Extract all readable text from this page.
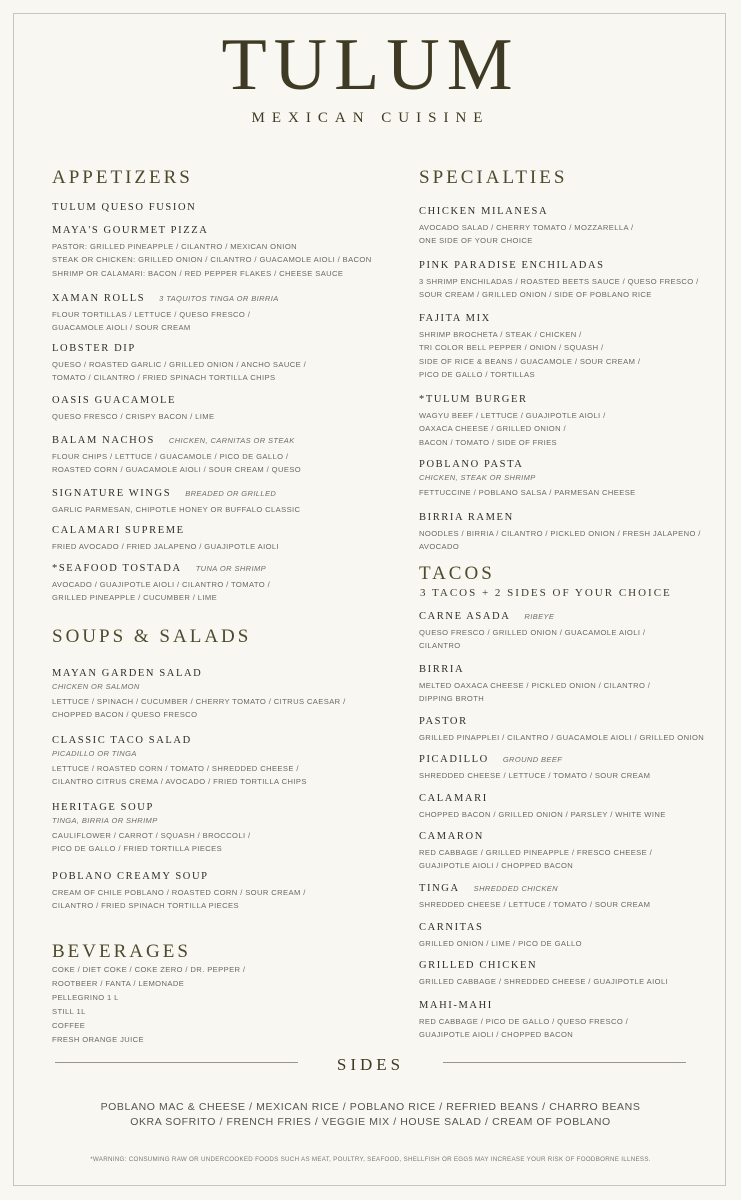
TULUM
MEXICAN CUISINE
APPETIZERS
TULUM QUESO FUSION
MAYA'S GOURMET PIZZA
PASTOR: GRILLED PINEAPPLE / CILANTRO / MEXICAN ONION
STEAK OR CHICKEN: GRILLED ONION / CILANTRO / GUACAMOLE AIOLI / BACON
SHRIMP OR CALAMARI: BACON / RED PEPPER FLAKES / CHEESE SAUCE
XAMAN ROLLS 3 TAQUITOS TINGA OR BIRRIA
FLOUR TORTILLAS / LETTUCE / QUESO FRESCO /
GUACAMOLE AIOLI / SOUR CREAM
LOBSTER DIP
QUESO / ROASTED GARLIC / GRILLED ONION / ANCHO SAUCE /
TOMATO / CILANTRO / FRIED SPINACH TORTILLA CHIPS
OASIS GUACAMOLE
QUESO FRESCO / CRISPY BACON / LIME
BALAM NACHOS CHICKEN, CARNITAS OR STEAK
FLOUR CHIPS / LETTUCE / GUACAMOLE / PICO DE GALLO /
ROASTED CORN / GUACAMOLE AIOLI / SOUR CREAM / QUESO
SIGNATURE WINGS BREADED OR GRILLED
GARLIC PARMESAN, CHIPOTLE HONEY OR BUFFALO CLASSIC
CALAMARI SUPREME
FRIED AVOCADO / FRIED JALAPENO / GUAJIPOTLE AIOLI
*SEAFOOD TOSTADA TUNA OR SHRIMP
AVOCADO / GUAJIPOTLE AIOLI / CILANTRO / TOMATO /
GRILLED PINEAPPLE / CUCUMBER / LIME
SOUPS & SALADS
MAYAN GARDEN SALAD
CHICKEN OR SALMON
LETTUCE / SPINACH / CUCUMBER / CHERRY TOMATO / CITRUS CAESAR /
CHOPPED BACON / QUESO FRESCO
CLASSIC TACO SALAD
PICADILLO OR TINGA
LETTUCE / ROASTED CORN / TOMATO / SHREDDED CHEESE /
CILANTRO CITRUS CREMA / AVOCADO / FRIED TORTILLA CHIPS
HERITAGE SOUP
TINGA, BIRRIA OR SHRIMP
CAULIFLOWER / CARROT / SQUASH / BROCCOLI /
PICO DE GALLO / FRIED TORTILLA PIECES
POBLANO CREAMY SOUP
CREAM OF CHILE POBLANO / ROASTED CORN / SOUR CREAM /
CILANTRO / FRIED SPINACH TORTILLA PIECES
BEVERAGES
COKE / DIET COKE / COKE ZERO / DR. PEPPER /
ROOTBEER / FANTA / LEMONADE
PELLEGRINO 1 L
STILL 1L
COFFEE
FRESH ORANGE JUICE
SPECIALTIES
CHICKEN MILANESA
AVOCADO SALAD / CHERRY TOMATO / MOZZARELLA /
ONE SIDE OF YOUR CHOICE
PINK PARADISE ENCHILADAS
3 SHRIMP ENCHILADAS / ROASTED BEETS SAUCE / QUESO FRESCO /
SOUR CREAM / GRILLED ONION / SIDE OF POBLANO RICE
FAJITA MIX
SHRIMP BROCHETA / STEAK / CHICKEN /
TRI COLOR BELL PEPPER / ONION / SQUASH /
SIDE OF RICE & BEANS / GUACAMOLE / SOUR CREAM /
PICO DE GALLO / TORTILLAS
*TULUM BURGER
WAGYU BEEF / LETTUCE / GUAJIPOTLE AIOLI /
OAXACA CHEESE / GRILLED ONION /
BACON / TOMATO / SIDE OF FRIES
POBLANO PASTA
CHICKEN, STEAK OR SHRIMP
FETTUCCINE / POBLANO SALSA / PARMESAN CHEESE
BIRRIA RAMEN
NOODLES / BIRRIA / CILANTRO / PICKLED ONION / FRESH JALAPENO /
AVOCADO
TACOS
3 TACOS + 2 SIDES OF YOUR CHOICE
CARNE ASADA RIBEYE
QUESO FRESCO / GRILLED ONION / GUACAMOLE AIOLI /
CILANTRO
BIRRIA
MELTED OAXACA CHEESE / PICKLED ONION / CILANTRO /
DIPPING BROTH
PASTOR
GRILLED PINAPPLEI / CILANTRO / GUACAMOLE AIOLI / GRILLED ONION
PICADILLO GROUND BEEF
SHREDDED CHEESE / LETTUCE / TOMATO / SOUR CREAM
CALAMARI
CHOPPED BACON / GRILLED ONION / PARSLEY / WHITE WINE
CAMARON
RED CABBAGE / GRILLED PINEAPPLE / FRESCO CHEESE /
GUAJIPOTLE AIOLI / CHOPPED BACON
TINGA SHREDDED CHICKEN
SHREDDED CHEESE / LETTUCE / TOMATO / SOUR CREAM
CARNITAS
GRILLED ONION / LIME / PICO DE GALLO
GRILLED CHICKEN
GRILLED CABBAGE / SHREDDED CHEESE / GUAJIPOTLE AIOLI
MAHI-MAHI
RED CABBAGE / PICO DE GALLO / QUESO FRESCO /
GUAJIPOTLE AIOLI / CHOPPED BACON
SIDES
POBLANO MAC & CHEESE / MEXICAN RICE / POBLANO RICE / REFRIED BEANS / CHARRO BEANS
OKRA SOFRITO / FRENCH FRIES / VEGGIE MIX / HOUSE SALAD / CREAM OF POBLANO
*WARNING: CONSUMING RAW OR UNDERCOOKED FOODS SUCH AS MEAT, POULTRY, SEAFOOD, SHELLFISH OR EGGS MAY INCREASE YOUR RISK OF FOODBORNE ILLNESS.
